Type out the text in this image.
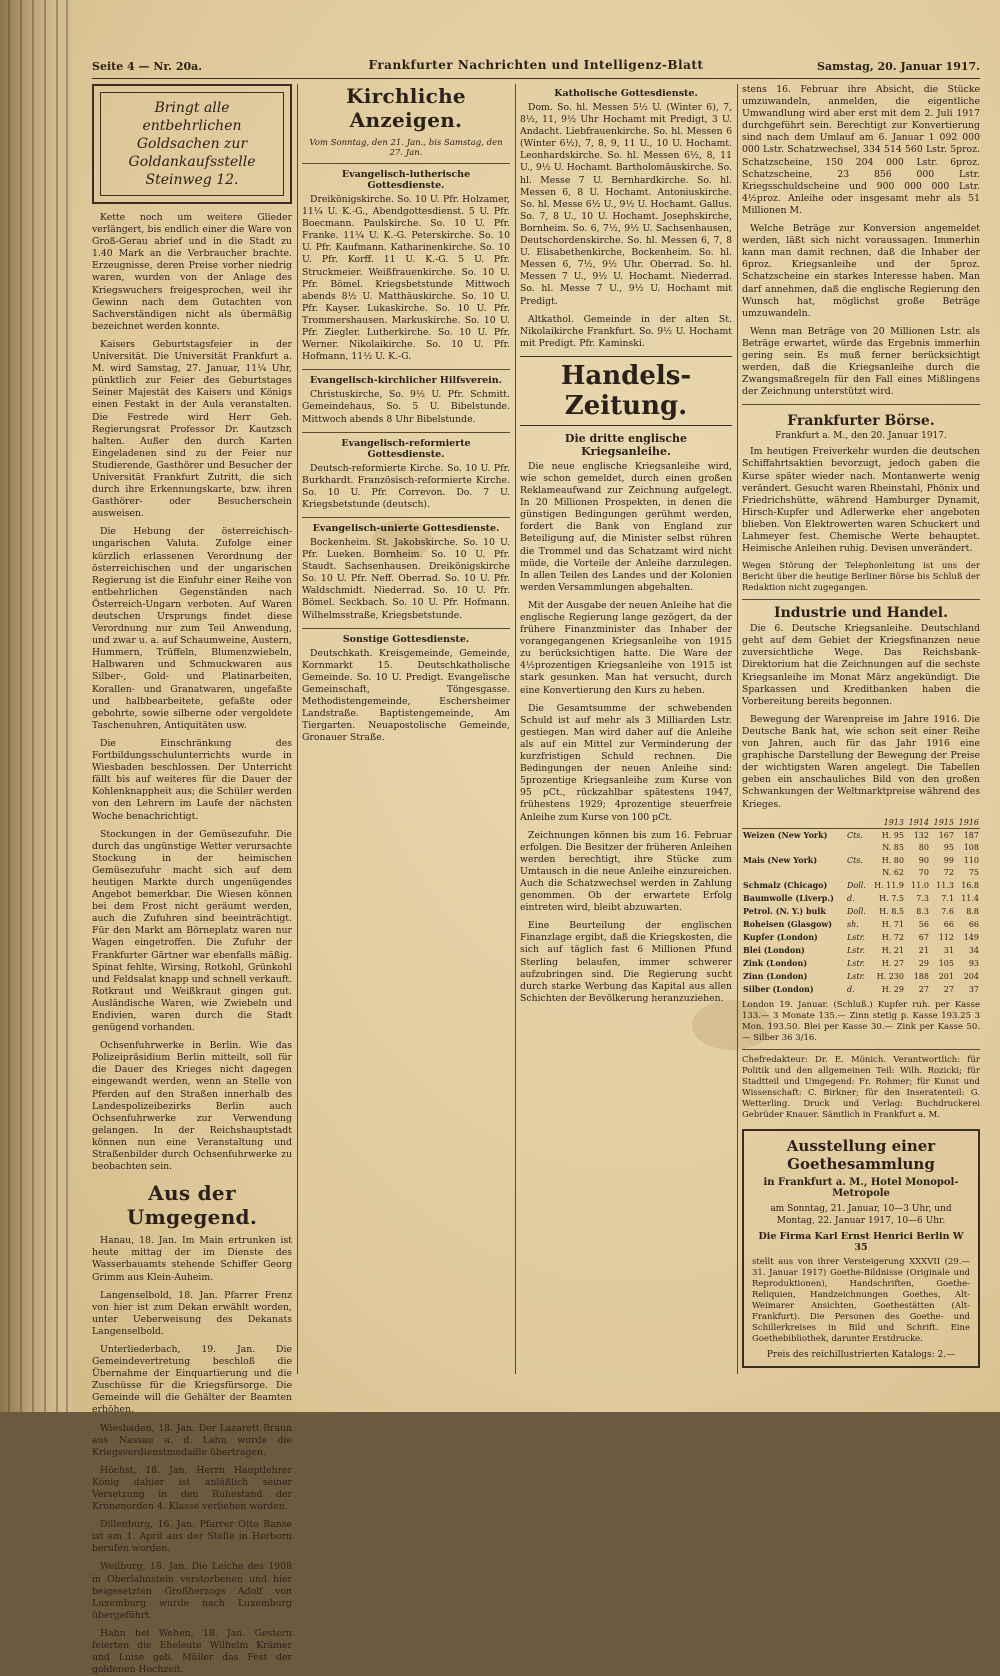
Seite 4 — Nr. 20a.	Frankfurter Nachrichten und Intelligenz-Blatt	Samstag, 20. Januar 1917.
Bringt alle entbehrlichen Goldsachen zur Goldankaufsstelle Steinweg 12.

Kette noch um weitere Glieder verlängert, bis endlich einer die Ware von Groß-Gerau abrief und in die Stadt zu 1.40 Mark an die Verbraucher brachte. Erzeugnisse, deren Preise vorher niedrig waren, wurden von der Anlage des Kriegswuchers freigesprochen, weil ihr Gewinn nach dem Gutachten von Sachverständigen nicht als übermäßig bezeichnet werden konnte.

Kaisers Geburtstagsfeier in der Universität. Die Universität Frankfurt a. M. wird Samstag, 27. Januar, 11¼ Uhr, pünktlich zur Feier des Geburtstages Seiner Majestät des Kaisers und Königs einen Festakt in der Aula veranstalten. Die Festrede wird Herr Geh. Regierungsrat Professor Dr. Kautzsch halten. Außer den durch Karten Eingeladenen sind zu der Feier nur Studierende, Gasthörer und Besucher der Universität Frankfurt Zutritt, die sich durch ihre Erkennungskarte, bzw. ihren Gasthörer- oder Besucherschein ausweisen.

Die Hebung der österreichisch-ungarischen Valuta. Zufolge einer kürzlich erlassenen Verordnung der österreichischen und der ungarischen Regierung ist die Einfuhr einer Reihe von entbehrlichen Gegenständen nach Österreich-Ungarn verboten. Auf Waren deutschen Ursprungs findet diese Verordnung nur zum Teil Anwendung, und zwar u. a. auf Schaumweine, Austern, Hummern, Trüffeln, Blumenzwiebeln, Halbwaren und Schmuckwaren aus Silber-, Gold- und Platinarbeiten, Korallen- und Granatwaren, ungefaßte und halbbearbeitete, gefaßte oder gebohrte, sowie silberne oder vergoldete Taschenuhren, Antiquitäten usw.

Die Einschränkung des Fortbildungsschulunterrichts wurde in Wiesbaden beschlossen. Der Unterricht fällt bis auf weiteres für die Dauer der Kohlenknappheit aus; die Schüler werden von den Lehrern im Laufe der nächsten Woche benachrichtigt.

Stockungen in der Gemüsezufuhr. Die durch das ungünstige Wetter verursachte Stockung in der heimischen Gemüsezufuhr macht sich auf dem heutigen Markte durch ungenügendes Angebot bemerkbar. Die Wiesen können bei dem Frost nicht geräumt werden, auch die Zufuhren sind beeinträchtigt. Für den Markt am Börneplatz waren nur Wagen eingetroffen. Die Zufuhr der Frankfurter Gärtner war ebenfalls mäßig. Spinat fehlte, Wirsing, Rotkohl, Grünkohl und Feldsalat knapp und schnell verkauft. Rotkraut und Weißkraut gingen gut. Ausländische Waren, wie Zwiebeln und Endivien, waren durch die Stadt genügend vorhanden.

Ochsenfuhrwerke in Berlin. Wie das Polizeipräsidium Berlin mitteilt, soll für die Dauer des Krieges nicht dagegen eingewandt werden, wenn an Stelle von Pferden auf den Straßen innerhalb des Landespolizeibezirks Berlin auch Ochsenfuhrwerke zur Verwendung gelangen. In der Reichshauptstadt können nun eine Veranstaltung und Straßenbilder durch Ochsenfuhrwerke zu beobachten sein.

Aus der Umgegend.

Hanau, 18. Jan. Im Main ertrunken ist heute mittag der im Dienste des Wasserbauamts stehende Schiffer Georg Grimm aus Klein-Auheim.

Langenselbold, 18. Jan. Pfarrer Frenz von hier ist zum Dekan erwählt worden, unter Ueberweisung des Dekanats Langenselbold.

Unterliederbach, 19. Jan. Die Gemeindevertretung beschloß die Übernahme der Einquartierung und die Zuschüsse für die Kriegsfürsorge. Die Gemeinde will die Gehälter der Beamten erhöhen.

Wiesbaden, 18. Jan. Der Lazarett Braun aus Nassau a. d. Lahn wurde die Kriegsverdienstmedaille übertragen.

Höchst, 18. Jan. Herrn Hauptlehrer König dahier ist anläßlich seiner Versetzung in den Ruhestand der Kronenorden 4. Klasse verliehen worden.

Dillenburg, 16. Jan. Pfarrer Otto Banse ist am 1. April aus der Stelle in Herborn berufen worden.

Weilburg, 18. Jan. Die Leiche des 1908 in Oberlahnstein verstorbenen und hier beigesetzten Großherzogs Adolf von Luxemburg wurde nach Luxemburg übergeführt.

Hahn bei Wehen, 18. Jan. Gestern feierten die Eheleute Wilhelm Krämer und Luise geb. Müller das Fest der goldenen Hochzeit.

Kirchliche Anzeigen.
Vom Sonntag, den 21. Jan., bis Samstag, den 27. Jan.
Evangelisch-lutherische Gottesdienste.

Dreikönigskirche. So. 10 U. Pfr. Holzamer, 11¼ U. K.-G., Abendgottesdienst. 5 U. Pfr. Boecmann. Paulskirche. So. 10 U. Pfr. Franke. 11¼ U. K.-G. Peterskirche. So. 10 U. Pfr. Kaufmann. Katharinenkirche. So. 10 U. Pfr. Korff. 11 U. K.-G. 5 U. Pfr. Struckmeier. Weißfrauenkirche. So. 10 U. Pfr. Bömel. Kriegsbetstunde Mittwoch abends 8½ U. Matthäuskirche. So. 10 U. Pfr. Kayser. Lukaskirche. So. 10 U. Pfr. Trommershausen. Markuskirche. So. 10 U. Pfr. Ziegler. Lutherkirche. So. 10 U. Pfr. Werner. Nikolaikirche. So. 10 U. Pfr. Hofmann, 11½ U. K.-G.

Evangelisch-kirchlicher Hilfsverein.

Christuskirche, So. 9½ U. Pfr. Schmitt. Gemeindehaus, So. 5 U. Bibelstunde. Mittwoch abends 8 Uhr Bibelstunde.

Evangelisch-reformierte Gottesdienste.

Deutsch-reformierte Kirche. So. 10 U. Pfr. Burkhardt. Französisch-reformierte Kirche. So. 10 U. Pfr. Correvon. Do. 7 U. Kriegsbetstunde (deutsch).

Evangelisch-unierte Gottesdienste.

Bockenheim. St. Jakobskirche. So. 10 U. Pfr. Lueken. Bornheim. So. 10 U. Pfr. Staudt. Sachsenhausen. Dreikönigskirche So. 10 U. Pfr. Neff. Oberrad. So. 10 U. Pfr. Waldschmidt. Niederrad. So. 10 U. Pfr. Bömel. Seckbach. So. 10 U. Pfr. Hofmann. Wilhelmsstraße, Kriegsbetstunde.

Sonstige Gottesdienste.

Deutschkath. Kreisgemeinde, Gemeinde, Kornmarkt 15. Deutschkatholische Gemeinde. So. 10 U. Predigt. Evangelische Gemeinschaft, Töngesgasse. Methodistengemeinde, Eschersheimer Landstraße. Baptistengemeinde, Am Tiergarten. Neuapostolische Gemeinde, Gronauer Straße.

Katholische Gottesdienste.

Dom. So. hl. Messen 5½ U. (Winter 6), 7, 8½, 11, 9½ Uhr Hochamt mit Predigt, 3 U. Andacht. Liebfrauenkirche. So. hl. Messen 6 (Winter 6½), 7, 8, 9, 11 U., 10 U. Hochamt. Leonhardskirche. So. hl. Messen 6½, 8, 11 U., 9½ U. Hochamt. Bartholomäuskirche. So. hl. Messe 7 U. Bernhardkirche. So. hl. Messen 6, 8 U. Hochamt. Antoniuskirche. So. hl. Messe 6½ U., 9½ U. Hochamt. Gallus. So. 7, 8 U., 10 U. Hochamt. Josephskirche, Bornheim. So. 6, 7½, 9½ U. Sachsenhausen, Deutschordenskirche. So. hl. Messen 6, 7, 8 U. Elisabethenkirche, Bockenheim. So. hl. Messen 6, 7½, 9½ Uhr. Oberrad. So. hl. Messen 7 U., 9½ U. Hochamt. Niederrad. So. hl. Messe 7 U., 9½ U. Hochamt mit Predigt.

Altkathol. Gemeinde in der alten St. Nikolaikirche Frankfurt. So. 9½ U. Hochamt mit Predigt. Pfr. Kaminski.

Handels-Zeitung.
Die dritte englische Kriegsanleihe.

Die neue englische Kriegsanleihe wird, wie schon gemeldet, durch einen großen Reklameaufwand zur Zeichnung aufgelegt. In 20 Millionen Prospekten, in denen die günstigen Bedingungen gerühmt werden, fordert die Bank von England zur Beteiligung auf, die Minister selbst rühren die Trommel und das Schatzamt wird nicht müde, die Vorteile der Anleihe darzulegen. In allen Teilen des Landes und der Kolonien werden Versammlungen abgehalten.

Mit der Ausgabe der neuen Anleihe hat die englische Regierung lange gezögert, da der frühere Finanzminister das Inhaber der vorangegangenen Kriegsanleihe von 1915 zu berücksichtigen hatte. Die Ware der 4½prozentigen Kriegsanleihe von 1915 ist stark gesunken. Man hat versucht, durch eine Konvertierung den Kurs zu heben.

Die Gesamtsumme der schwebenden Schuld ist auf mehr als 3 Milliarden Lstr. gestiegen. Man wird daher auf die Anleihe als auf ein Mittel zur Verminderung der kurzfristigen Schuld rechnen. Die Bedingungen der neuen Anleihe sind: 5prozentige Kriegsanleihe zum Kurse von 95 pCt., rückzahlbar spätestens 1947, frühestens 1929; 4prozentige steuerfreie Anleihe zum Kurse von 100 pCt.

Zeichnungen können bis zum 16. Februar erfolgen. Die Besitzer der früheren Anleihen werden berechtigt, ihre Stücke zum Umtausch in die neue Anleihe einzureichen. Auch die Schatzwechsel werden in Zahlung genommen. Ob der erwartete Erfolg eintreten wird, bleibt abzuwarten.

Eine Beurteilung der englischen Finanzlage ergibt, daß die Kriegskosten, die sich auf täglich fast 6 Millionen Pfund Sterling belaufen, immer schwerer aufzubringen sind. Die Regierung sucht durch starke Werbung das Kapital aus allen Schichten der Bevölkerung heranzuziehen.

stens 16. Februar ihre Absicht, die Stücke umzuwandeln, anmelden, die eigentliche Umwandlung wird aber erst mit dem 2. Juli 1917 durchgeführt sein. Berechtigt zur Konvertierung sind nach dem Umlauf am 6. Januar 1 092 000 000 Lstr. Schatzwechsel, 334 514 560 Lstr. 5proz. Schatzscheine, 150 204 000 Lstr. 6proz. Schatzscheine, 23 856 000 Lstr. Kriegsschuldscheine und 900 000 000 Lstr. 4½proz. Anleihe oder insgesamt mehr als 51 Millionen M.

Welche Beträge zur Konversion angemeldet werden, läßt sich nicht voraussagen. Immerhin kann man damit rechnen, daß die Inhaber der 6proz. Kriegsanleihe und der 5proz. Schatzscheine ein starkes Interesse haben. Man darf annehmen, daß die englische Regierung den Wunsch hat, möglichst große Beträge umzuwandeln.

Wenn man Beträge von 20 Millionen Lstr. als Beträge erwartet, würde das Ergebnis immerhin gering sein. Es muß ferner berücksichtigt werden, daß die Kriegsanleihe durch die Zwangsmaßregeln für den Fall eines Mißlingens der Zeichnung unterstützt wird.

Frankfurter Börse.
Frankfurt a. M., den 20. Januar 1917.

Im heutigen Freiverkehr wurden die deutschen Schiffahrtsaktien bevorzugt, jedoch gaben die Kurse später wieder nach. Montanwerte wenig verändert. Gesucht waren Rheinstahl, Phönix und Friedrichshütte, während Hamburger Dynamit, Hirsch-Kupfer und Adlerwerke eher angeboten blieben. Von Elektrowerten waren Schuckert und Lahmeyer fest. Chemische Werte behauptet. Heimische Anleihen ruhig. Devisen unverändert.

Wegen Störung der Telephonleitung ist uns der Bericht über die heutige Berliner Börse bis Schluß der Redaktion nicht zugegangen.

Industrie und Handel.

Die 6. Deutsche Kriegsanleihe. Deutschland geht auf dem Gebiet der Kriegsfinanzen neue zuversichtliche Wege. Das Reichsbank-Direktorium hat die Zeichnungen auf die sechste Kriegsanleihe im Monat März angekündigt. Die Sparkassen und Kreditbanken haben die Vorbereitung bereits begonnen.

Bewegung der Warenpreise im Jahre 1916. Die Deutsche Bank hat, wie schon seit einer Reihe von Jahren, auch für das Jahr 1916 eine graphische Darstellung der Bewegung der Preise der wichtigsten Waren angelegt. Die Tabellen geben ein anschauliches Bild von den großen Schwankungen der Weltmarktpreise während des Krieges.

		1913	1914	1915	1916
Weizen (New York)	Cts.	H. 95	132	167	187
		N. 85	80	95	108
Mais (New York)	Cts.	H. 80	90	99	110
		N. 62	70	72	75
Schmalz (Chicago)	Doll.	H. 11.9	11.0	11.3	16.8
Baumwolle (Liverp.)	d.	H. 7.5	7.3	7.1	11.4
Petrol. (N. Y.) bulk	Doll.	H. 8.5	8.3	7.6	8.8
Roheisen (Glasgow)	sh.	H. 71	56	66	66
Kupfer (London)	Lstr.	H. 72	67	112	149
Blei (London)	Lstr.	H. 21	21	31	34
Zink (London)	Lstr.	H. 27	29	105	93
Zinn (London)	Lstr.	H. 230	188	201	204
Silber (London)	d.	H. 29	27	27	37

London 19. Januar. (Schluß.) Kupfer ruh. per Kasse 133.— 3 Monate 135.— Zinn stetig p. Kasse 193.25 3 Mon. 193.50. Blei per Kasse 30.— Zink per Kasse 50.— Silber 36 3/16.

Chefredakteur: Dr. E. Mönich. Verantwortlich: für Politik und den allgemeinen Teil: Wilh. Rozicki; für Stadtteil und Umgegend: Fr. Rohmer; für Kunst und Wissenschaft: C. Birkner; für den Inseratenteil: G. Wetterling. Druck und Verlag: Buchdruckerei Gebrüder Knauer. Sämtlich in Frankfurt a. M.

Ausstellung einer Goethesammlung
in Frankfurt a. M., Hotel Monopol-Metropole
am Sonntag, 21. Januar, 10—3 Uhr, und Montag, 22. Januar 1917, 10—6 Uhr.
Die Firma Karl Ernst Henrici Berlin W 35
stellt aus von ihrer Versteigerung XXXVII (29.—31. Januar 1917) Goethe-Bildnisse (Originale und Reproduktionen), Handschriften, Goethe-Reliquien, Handzeichnungen Goethes, Alt-Weimarer Ansichten, Goethestätten (Alt-Frankfurt). Die Personen des Goethe- und Schillerkreises in Bild und Schrift. Eine Goethebibliothek, darunter Erstdrucke.
Preis des reichillustrierten Katalogs: 2.—
